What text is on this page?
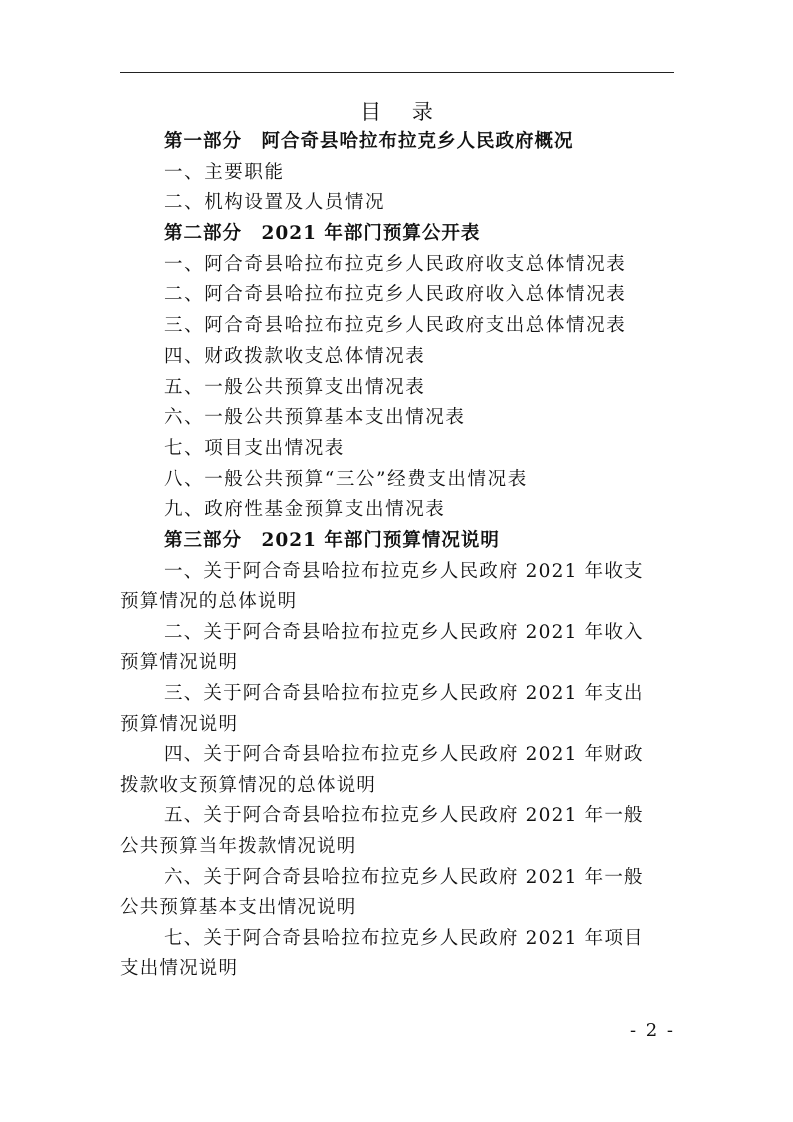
目 录
第一部分　阿合奇县哈拉布拉克乡人民政府概况
一、主要职能
二、机构设置及人员情况
第二部分　2021 年部门预算公开表
一、阿合奇县哈拉布拉克乡人民政府收支总体情况表
二、阿合奇县哈拉布拉克乡人民政府收入总体情况表
三、阿合奇县哈拉布拉克乡人民政府支出总体情况表
四、财政拨款收支总体情况表
五、一般公共预算支出情况表
六、一般公共预算基本支出情况表
七、项目支出情况表
八、一般公共预算“三公”经费支出情况表
九、政府性基金预算支出情况表
第三部分　2021 年部门预算情况说明
一、关于阿合奇县哈拉布拉克乡人民政府 2021 年收支
预算情况的总体说明
二、关于阿合奇县哈拉布拉克乡人民政府 2021 年收入
预算情况说明
三、关于阿合奇县哈拉布拉克乡人民政府 2021 年支出
预算情况说明
四、关于阿合奇县哈拉布拉克乡人民政府 2021 年财政
拨款收支预算情况的总体说明
五、关于阿合奇县哈拉布拉克乡人民政府 2021 年一般
公共预算当年拨款情况说明
六、关于阿合奇县哈拉布拉克乡人民政府 2021 年一般
公共预算基本支出情况说明
七、关于阿合奇县哈拉布拉克乡人民政府 2021 年项目
支出情况说明
- 2 -
